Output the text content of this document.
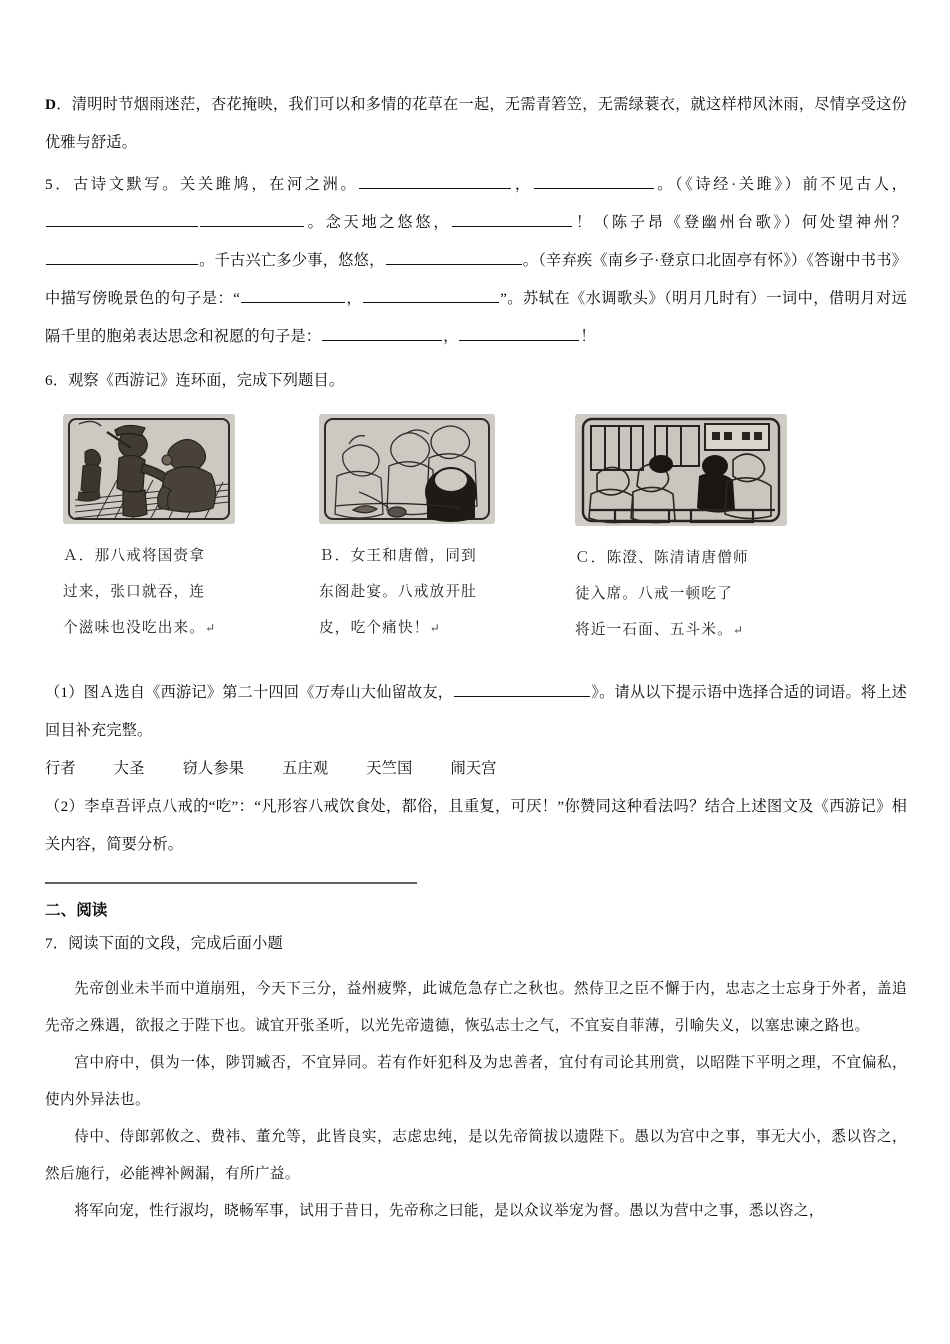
D．清明时节烟雨迷茫，杏花掩映，我们可以和多情的花草在一起，无需青箬笠，无需绿蓑衣，就这样栉风沐雨，尽情享受这份优雅与舒适。

5．古诗文默写。关关雎鸠，在河之洲。	，	。（《诗经·关雎》）前不见古人，。念天地之悠悠，	！（陈子昂《登幽州台歌》）何处望神州？。千古兴亡多少事，悠悠，	。（辛弃疾《南乡子·登京口北固亭有怀》）《答谢中书书》中描写傍晚景色的句子是：“	，	”。苏轼在《水调歌头》（明月几时有）一词中，借明月对远隔千里的胞弟表达思念和祝愿的句子是：	，	！

6．观察《西游记》连环面，完成下列题目。

Ａ．那八戒将国赍拿
过来，张口就吞，连
个滋味也没吃出来。↵
Ｂ．女王和唐僧，同到
东阁赴宴。八戒放开肚
皮，吃个痛快！↵
Ｃ．陈澄、陈清请唐僧师
徒入席。八戒一顿吃了
将近一石面、五斗米。↵

（1）图Ａ选自《西游记》第二十四回《万寿山大仙留故友，	》。请从以下提示语中选择合适的词语。将上述回目补充完整。

行者	大圣	窃人参果	五庄观	天竺国	闹天宫

（2）李卓吾评点八戒的“吃”：“凡形容八戒饮食处，都俗，且重复，可厌！”你赞同这种看法吗？结合上述图文及《西游记》相关内容，简要分析。

二、阅读

7．阅读下面的文段，完成后面小题

先帝创业未半而中道崩殂，今天下三分，益州疲弊，此诚危急存亡之秋也。然侍卫之臣不懈于内，忠志之士忘身于外者，盖追先帝之殊遇，欲报之于陛下也。诚宜开张圣听，以光先帝遗德，恢弘志士之气，不宜妄自菲薄，引喻失义，以塞忠谏之路也。

宫中府中，俱为一体，陟罚臧否，不宜异同。若有作奸犯科及为忠善者，宜付有司论其刑赏，以昭陛下平明之理，不宜偏私，使内外异法也。

侍中、侍郎郭攸之、费祎、董允等，此皆良实，志虑忠纯，是以先帝简拔以遗陛下。愚以为宫中之事，事无大小，悉以咨之，然后施行，必能裨补阙漏，有所广益。

将军向宠，性行淑均，晓畅军事，试用于昔日，先帝称之曰能，是以众议举宠为督。愚以为营中之事，悉以咨之，
